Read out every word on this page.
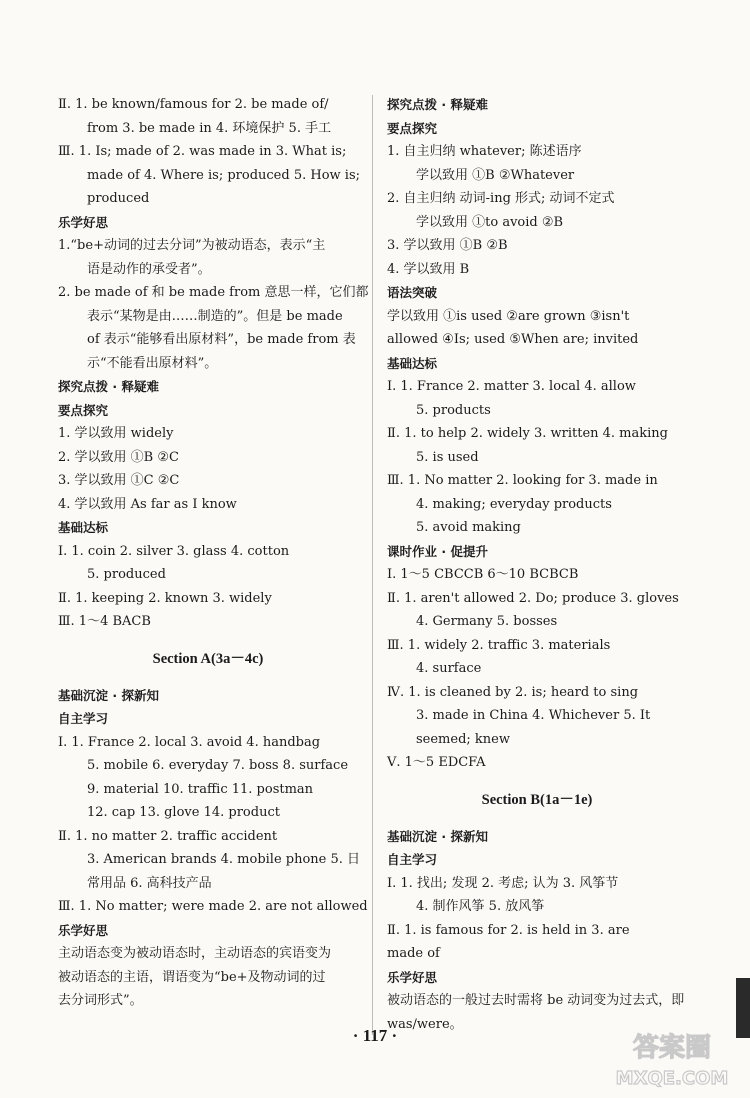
Ⅱ. 1. be known/famous for 2. be made of/
from 3. be made in 4. 环境保护 5. 手工
Ⅲ. 1. Is; made of 2. was made in 3. What is;
made of 4. Where is; produced 5. How is;
produced
乐学好思
1.“be+动词的过去分词”为被动语态，表示“主
语是动作的承受者”。
2. be made of 和 be made from 意思一样，它们都
表示“某物是由……制造的”。但是 be made
of 表示“能够看出原材料”，be made from 表
示“不能看出原材料”。
探究点拨 · 释疑难
要点探究
1. 学以致用 widely
2. 学以致用 ①B ②C
3. 学以致用 ①C ②C
4. 学以致用 As far as I know
基础达标
Ⅰ. 1. coin 2. silver 3. glass 4. cotton
5. produced
Ⅱ. 1. keeping 2. known 3. widely
Ⅲ. 1～4 BACB
Section A(3a－4c)
基础沉淀 · 探新知
自主学习
Ⅰ. 1. France 2. local 3. avoid 4. handbag
5. mobile 6. everyday 7. boss 8. surface
9. material 10. traffic 11. postman
12. cap 13. glove 14. product
Ⅱ. 1. no matter 2. traffic accident
3. American brands 4. mobile phone 5. 日
常用品 6. 高科技产品
Ⅲ. 1. No matter; were made 2. are not allowed
乐学好思
主动语态变为被动语态时，主动语态的宾语变为
被动语态的主语，谓语变为“be+及物动词的过
去分词形式”。
探究点拨 · 释疑难
要点探究
1. 自主归纳 whatever; 陈述语序
学以致用 ①B ②Whatever
2. 自主归纳 动词-ing 形式; 动词不定式
学以致用 ①to avoid ②B
3. 学以致用 ①B ②B
4. 学以致用 B
语法突破
学以致用 ①is used ②are grown ③isn't
allowed ④Is; used ⑤When are; invited
基础达标
Ⅰ. 1. France 2. matter 3. local 4. allow
5. products
Ⅱ. 1. to help 2. widely 3. written 4. making
5. is used
Ⅲ. 1. No matter 2. looking for 3. made in
4. making; everyday products
5. avoid making
课时作业 · 促提升
Ⅰ. 1～5 CBCCB 6～10 BCBCB
Ⅱ. 1. aren't allowed 2. Do; produce 3. gloves
4. Germany 5. bosses
Ⅲ. 1. widely 2. traffic 3. materials
4. surface
Ⅳ. 1. is cleaned by 2. is; heard to sing
3. made in China 4. Whichever 5. It
seemed; knew
Ⅴ. 1～5 EDCFA
Section B(1a－1e)
基础沉淀 · 探新知
自主学习
Ⅰ. 1. 找出; 发现 2. 考虑; 认为 3. 风筝节
4. 制作风筝 5. 放风筝
Ⅱ. 1. is famous for 2. is held in 3. are
made of
乐学好思
被动语态的一般过去时需将 be 动词变为过去式，即
was/were。
· 117 ·	答案圈
MXQE.COM
